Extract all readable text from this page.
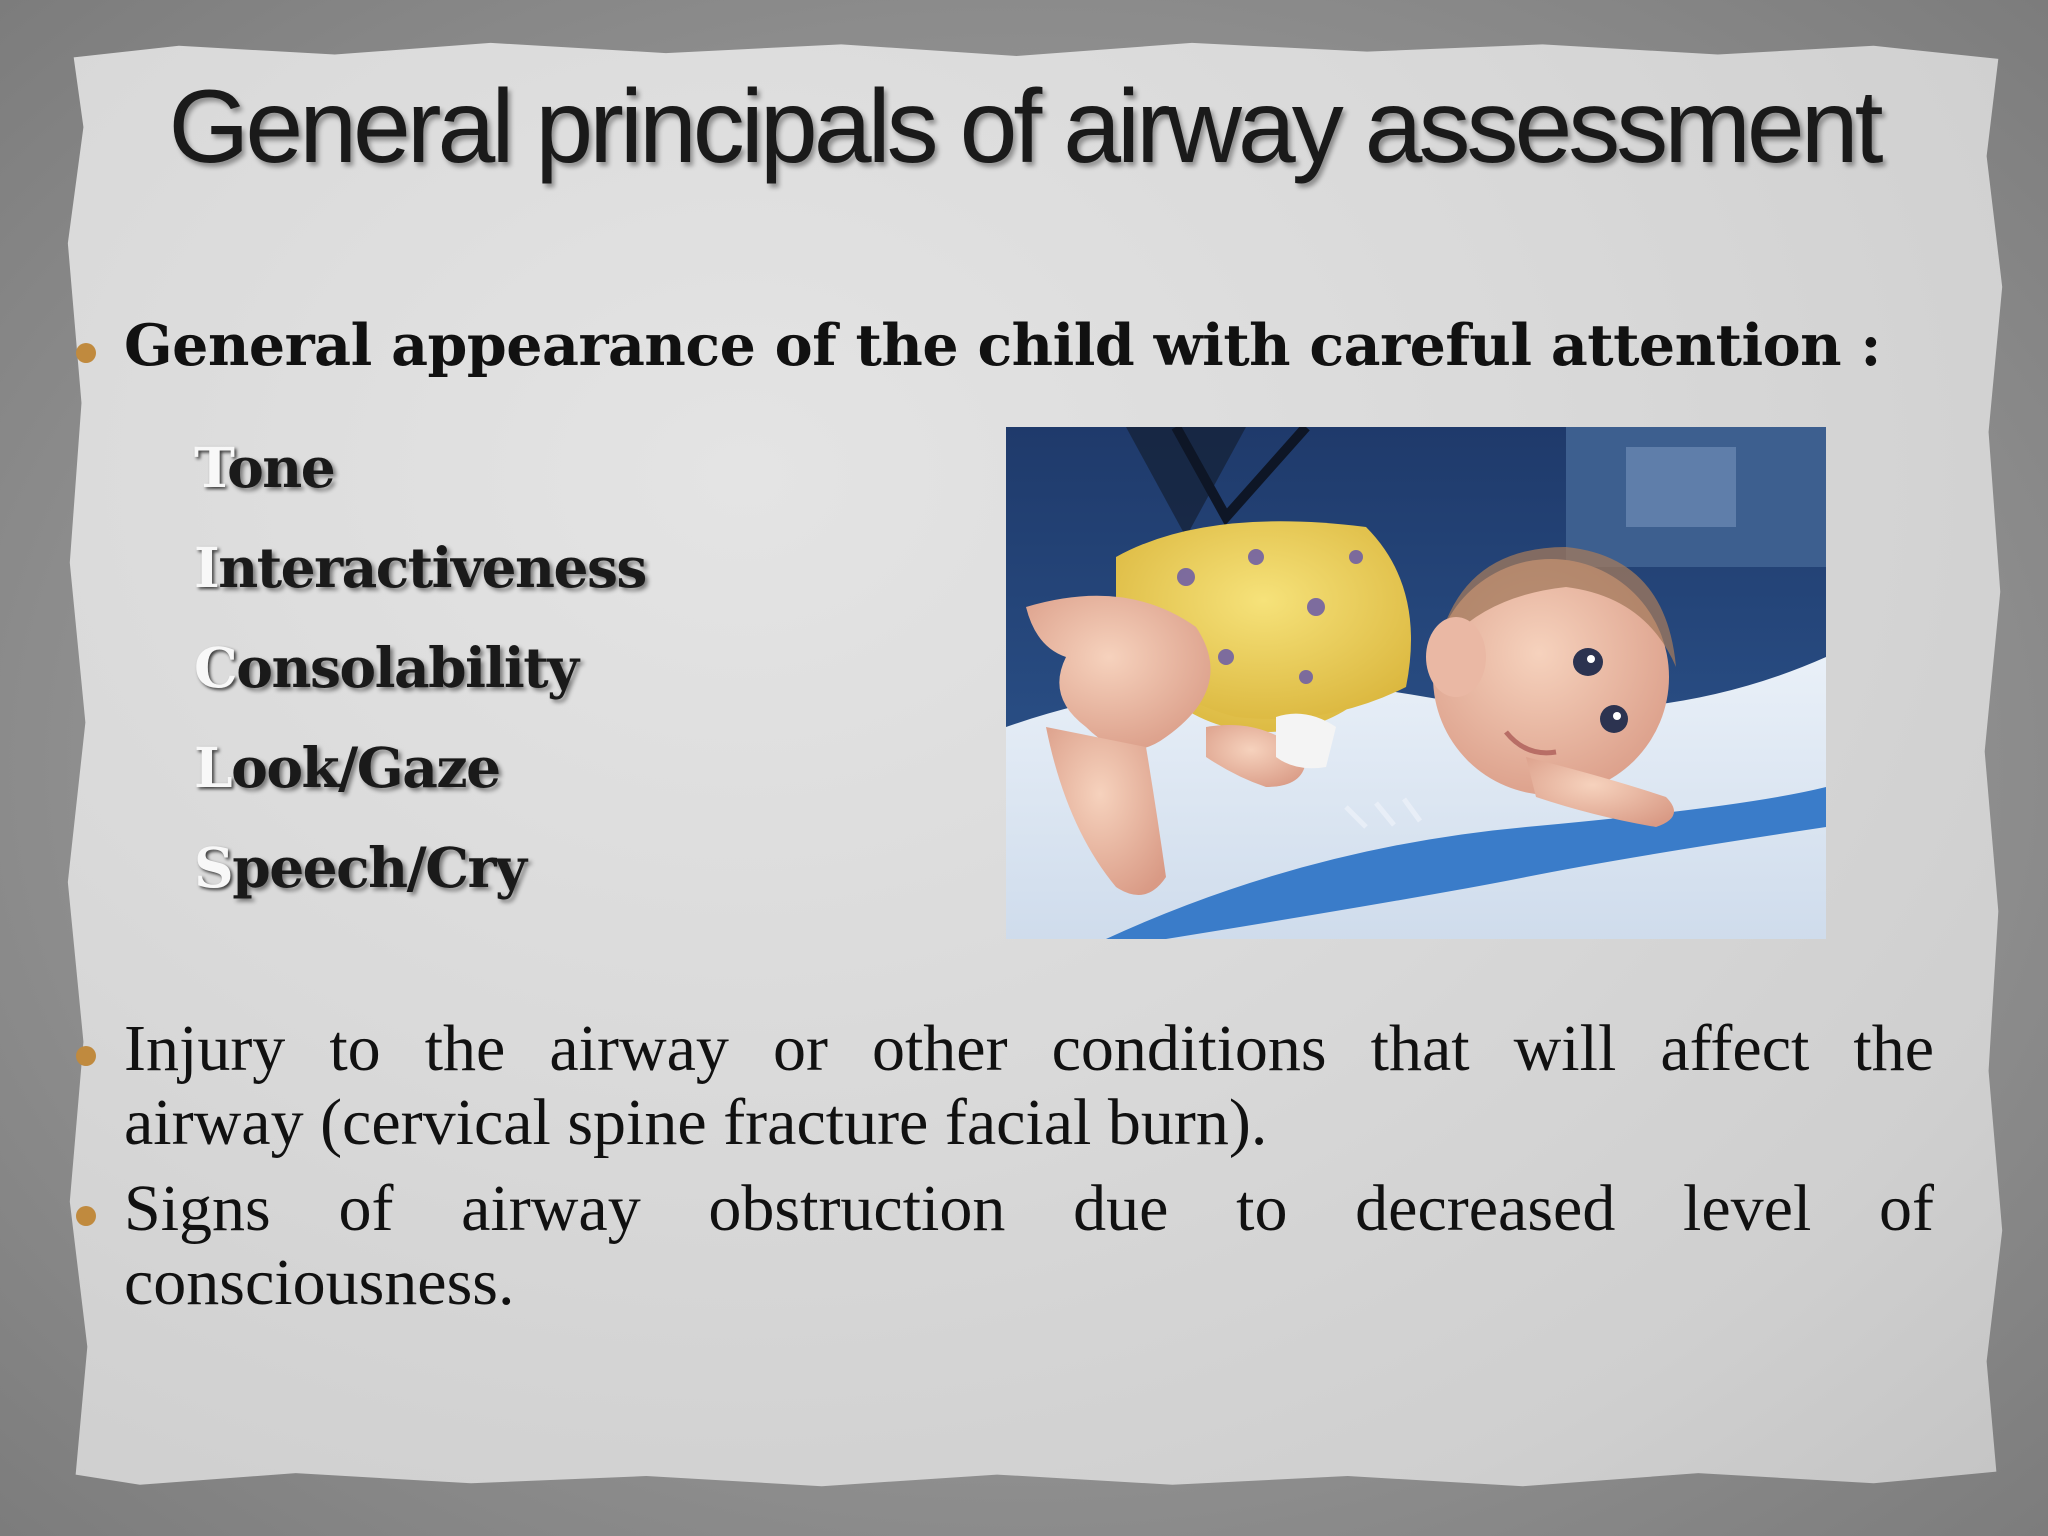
General principals of airway assessment
General appearance of the child with careful attention :
Tone
Interactiveness
Consolability
Look/Gaze
Speech/Cry
Injury to the airway or other conditions that will affect the
airway (cervical spine fracture facial burn).
Signs of airway obstruction due to decreased level of
consciousness.
